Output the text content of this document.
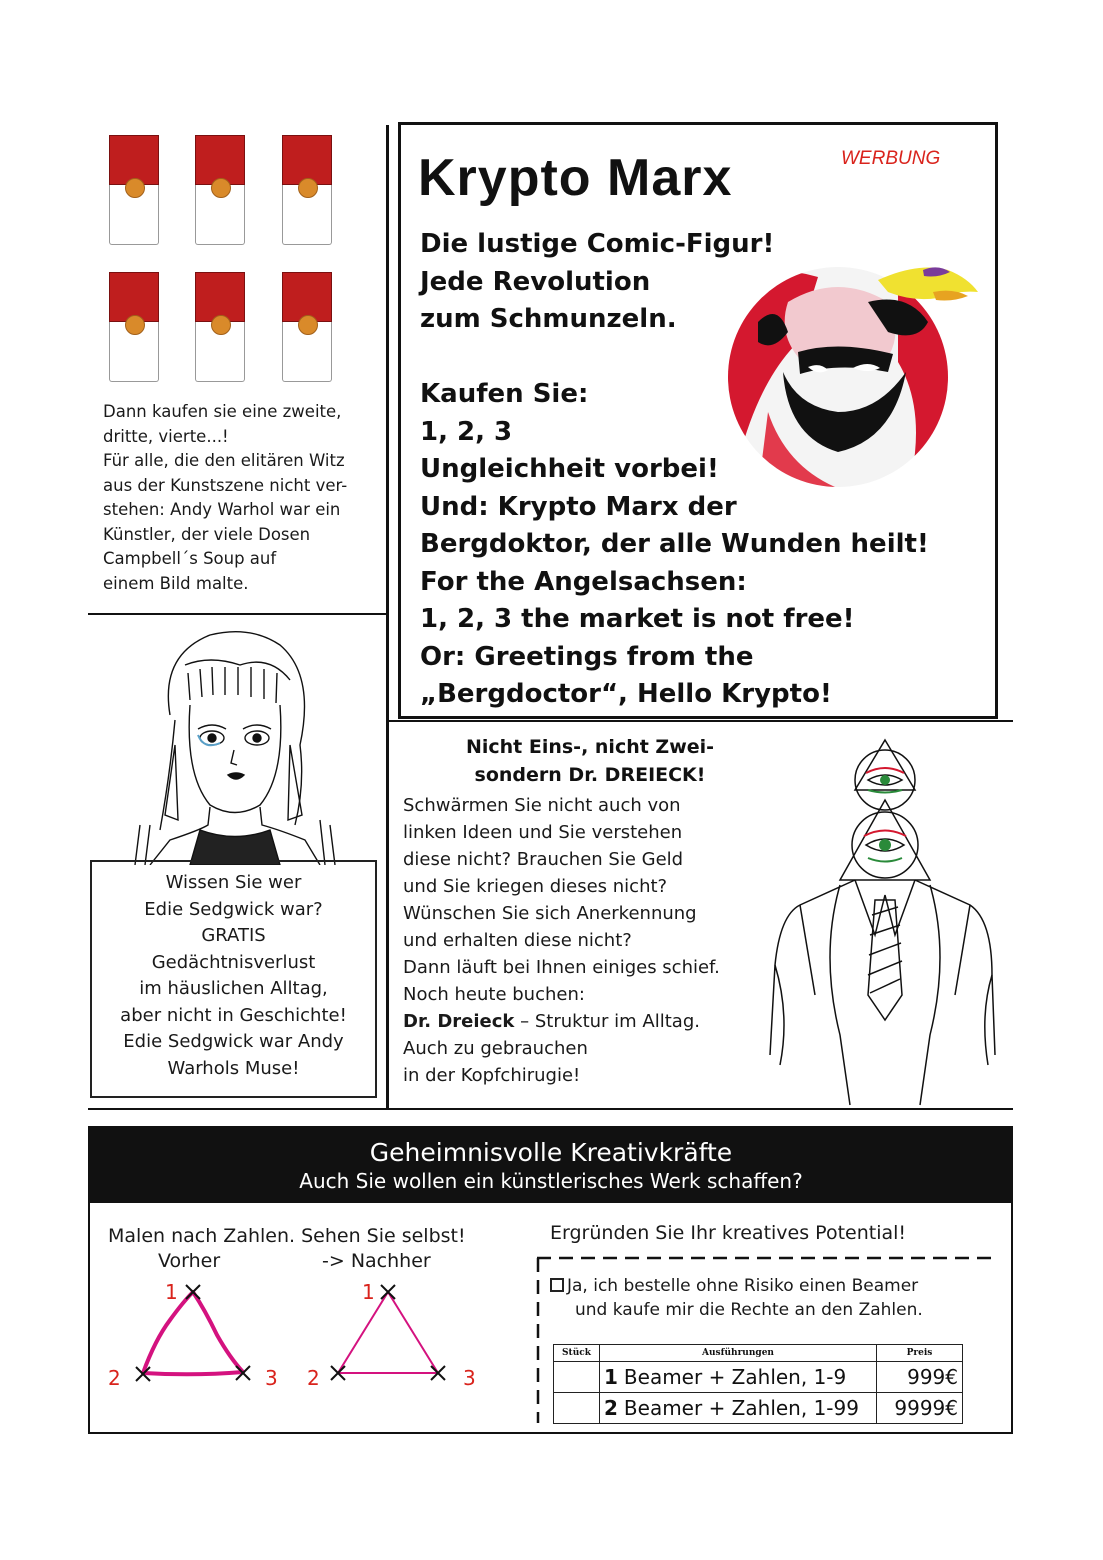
Dann kaufen sie eine zweite,
dritte, vierte...!
Für alle, die den elitären Witz
aus der Kunstszene nicht ver-
stehen: Andy Warhol war ein
Künstler, der viele Dosen
Campbell´s Soup auf
einem Bild malte.
Krypto Marx	WERBUNG
Die lustige Comic-Figur!
Jede Revolution
zum Schmunzeln.
Kaufen Sie:
1, 2, 3
Ungleichheit vorbei!
Und: Krypto Marx der
Bergdoktor, der alle Wunden heilt!
For the Angelsachsen:
1, 2, 3 the market is not free!
Or: Greetings from the
„Bergdoctor“, Hello Krypto!
Wissen Sie wer
Edie Sedgwick war?
GRATIS
Gedächtnisverlust
im häuslichen Alltag,
aber nicht in Geschichte!
Edie Sedgwick war Andy
Warhols Muse!
Nicht Eins-, nicht Zwei-
sondern Dr. DREIECK!
Schwärmen Sie nicht auch von
linken Ideen und Sie verstehen
diese nicht? Brauchen Sie Geld
und Sie kriegen dieses nicht?
Wünschen Sie sich Anerkennung
und erhalten diese nicht?
Dann läuft bei Ihnen einiges schief.
Noch heute buchen:
Dr. Dreieck – Struktur im Alltag.
Auch zu gebrauchen
in der Kopfchirugie!
Geheimnisvolle Kreativkräfte
Auch Sie wollen ein künstlerisches Werk schaffen?
Malen nach Zahlen. Sehen Sie selbst!
Vorher	-> Nachher
1
2	3
1
2	3
Ergründen Sie Ihr kreatives Potential!
Ja, ich bestelle ohne Risiko einen Beamer
und kaufe mir die Rechte an den Zahlen.
Stück	Ausführungen	Preis
	1 Beamer + Zahlen, 1-9	999€
	2 Beamer + Zahlen, 1-99	9999€
